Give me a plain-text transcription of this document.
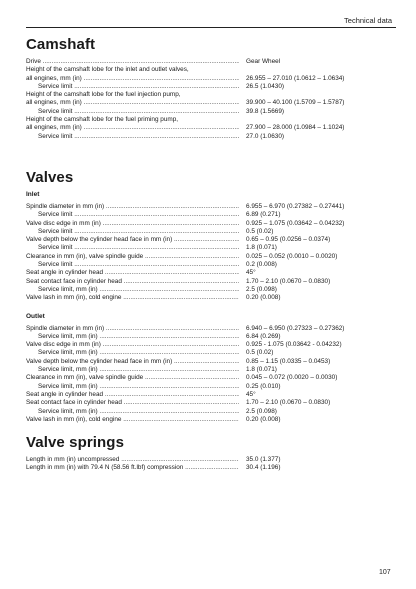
Technical data
Camshaft
Drive .....	Gear Wheel
Height of the camshaft lobe for the inlet and outlet valves,
all engines, mm (in) .....	26.955 – 27.010 (1.0612 – 1.0634)
Service limit .....	26.5 (1.0430)
Height of the camshaft lobe for the fuel injection pump,
all engines, mm (in) .....	39.900 – 40.100 (1.5709 – 1.5787)
Service limit .....	39.8 (1.5669)
Height of the camshaft lobe for the fuel priming pump,
all engines, mm (in) .....	27.900 – 28.000 (1.0984 – 1.1024)
Service limit .....	27.0 (1.0630)
Valves
Inlet
Spindle diameter in mm (in) .....	6.955 – 6.970 (0.27382 – 0.27441)
Service limit .....	6.89 (0.271)
Valve disc edge in mm (in) .....	0.925 – 1.075 (0.03642 – 0.04232)
Service limit .....	0.5 (0.02)
Valve depth below the cylinder head face in mm (in) .....	0.65 – 0.95 (0.0256 – 0.0374)
Service limit .....	1.8 (0.071)
Clearance in mm (in), valve spindle guide .....	0.025 – 0.052 (0.0010 – 0.0020)
Service limit .....	0.2 (0.008)
Seat angle in cylinder head .....	45°
Seat contact face in cylinder head .....	1.70 – 2.10 (0.0670 – 0.0830)
Service limit, mm (in) .....	2.5 (0.098)
Valve lash in mm (in), cold engine .....	0.20 (0.008)
Outlet
Spindle diameter in mm (in) .....	6.940 – 6.950 (0.27323 – 0.27362)
Service limit, mm (in) .....	6.84 (0.269)
Valve disc edge in mm (in) .....	0.925 - 1.075 (0.03642 - 0.04232)
Service limit, mm (in) .....	0.5 (0.02)
Valve depth below the cylinder head face in mm (in) .....	0.85 – 1.15 (0.0335 – 0.0453)
Service limit, mm (in) .....	1.8 (0.071)
Clearance in mm (in), valve spindle guide .....	0.045 – 0.072 (0.0020 – 0.0030)
Service limit, mm (in) .....	0.25 (0.010)
Seat angle in cylinder head .....	45°
Seat contact face in cylinder head .....	1.70 – 2.10 (0.0670 – 0.0830)
Service limit, mm (in) .....	2.5 (0.098)
Valve lash in mm (in), cold engine .....	0.20 (0.008)
Valve springs
Length in mm (in) uncompressed .....	35.0 (1.377)
Length in mm (in) with 79.4 N (58.56 ft.lbf) compression .....	30.4 (1.196)
107
